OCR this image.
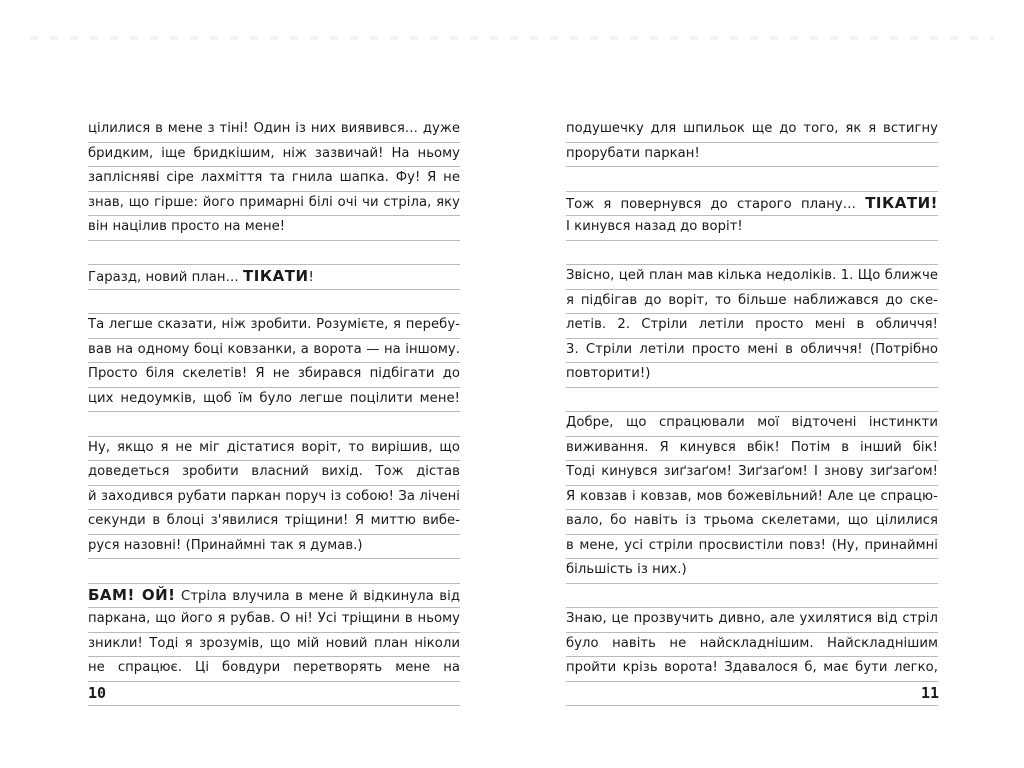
цілилися в мене з тіні! Один із них виявився… дуже
бридким, іще бридкішим, ніж зазвичай! На ньому
заплісняві сіре лахміття та гнила шапка. Фу! Я не
знав, що гірше: його примарні білі очі чи стріла, яку
він націлив просто на мене!
Гаразд, новий план… ТІКАТИ!
Та легше сказати, ніж зробити. Розумієте, я перебу-
вав на одному боці ковзанки, а ворота — на іншому.
Просто біля скелетів! Я не збирався підбігати до
цих недоумків, щоб їм було легше поцілити мене!
Ну, якщо я не міг дістатися воріт, то вирішив, що
доведеться зробити власний вихід. Тож дістав
й заходився рубати паркан поруч із собою! За лічені
секунди в блоці з'явилися тріщини! Я миттю вибе-
руся назовні! (Принаймні так я думав.)
БАМ! ОЙ! Стріла влучила в мене й відкинула від
паркана, що його я рубав. О ні! Усі тріщини в ньому
зникли! Тоді я зрозумів, що мій новий план ніколи
не спрацює. Ці бовдури перетворять мене на
подушечку для шпильок ще до того, як я встигну
прорубати паркан!
Тож я повернувся до старого плану… ТІКАТИ!
І кинувся назад до воріт!
Звісно, цей план мав кілька недоліків. 1. Що ближче
я підбігав до воріт, то більше наближався до ске-
летів. 2. Стріли летіли просто мені в обличчя!
3. Стріли летіли просто мені в обличчя! (Потрібно
повторити!)
Добре, що спрацювали мої відточені інстинкти
виживання. Я кинувся вбік! Потім в інший бік!
Тоді кинувся зиґзаґом! Зиґзаґом! І знову зиґзаґом!
Я ковзав і ковзав, мов божевільний! Але це спрацю-
вало, бо навіть із трьома скелетами, що цілилися
в мене, усі стріли просвистіли повз! (Ну, принаймні
більшість із них.)
Знаю, це прозвучить дивно, але ухилятися від стріл
було навіть не найскладнішим. Найскладнішим
пройти крізь ворота! Здавалося б, має бути легко,
10	11
